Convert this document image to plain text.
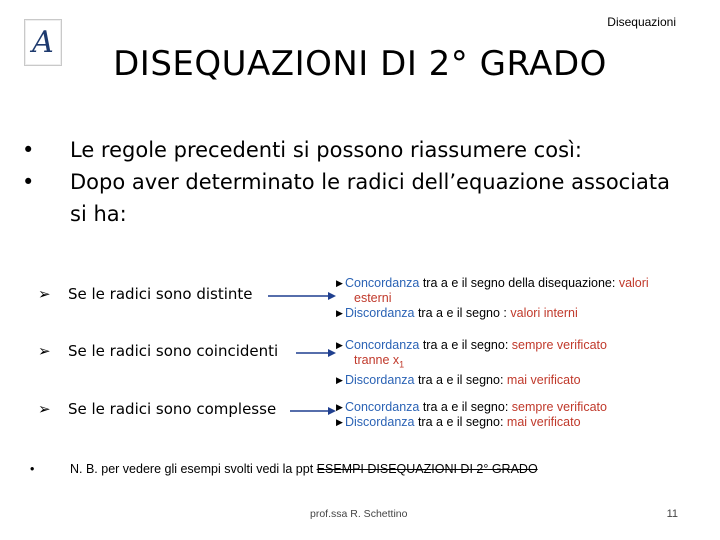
A
Disequazioni
DISEQUAZIONI DI 2° GRADO
•	Le regole precedenti si possono riassumere così:
•	Dopo aver determinato le radici dell’equazione associata si ha:
➢	Se le radici sono distinte
▶ Concordanza tra a e il segno della disequazione: valori
esterni
▶ Discordanza tra a e il segno : valori interni
➢	Se le radici sono coincidenti	▶ Concordanza tra a e il segno: sempre verificato
tranne $x_1$
▶ Discordanza tra a e il segno: mai verificato
➢	Se le radici sono complesse	▶ Concordanza tra a e il segno: sempre verificato
▶ Discordanza tra a e il segno: mai verificato
•	N. B. per vedere gli esempi svolti vedi la ppt ESEMPI DISEQUAZIONI DI 2° GRADO
prof.ssa R. Schettino	11
